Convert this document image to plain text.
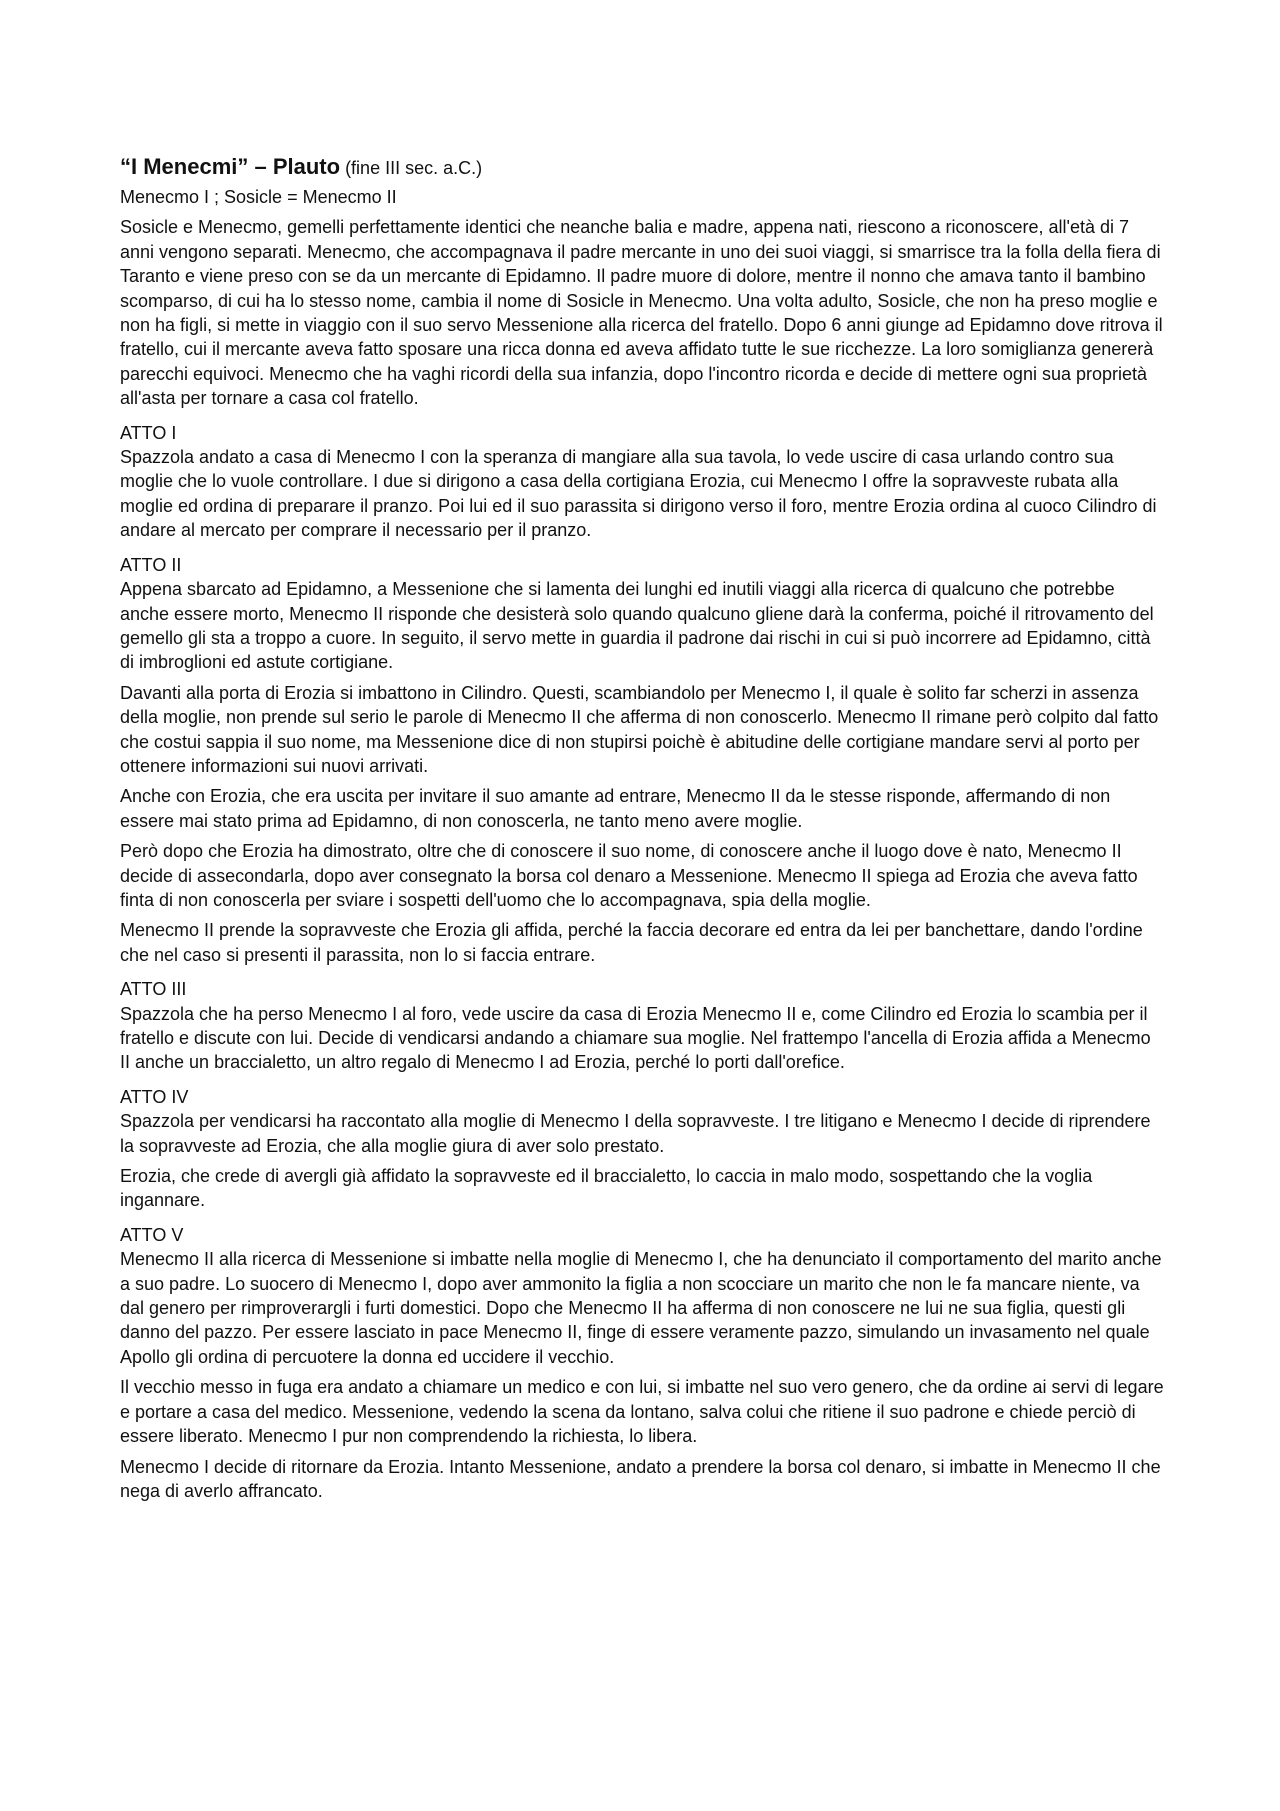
“I Menecmi” – Plauto (fine III sec. a.C.)

Menecmo I ; Sosicle = Menecmo II

Sosicle e Menecmo, gemelli perfettamente identici che neanche balia e madre, appena nati, riescono a riconoscere, all'età di 7 anni vengono separati. Menecmo, che accompagnava il padre mercante in uno dei suoi viaggi, si smarrisce tra la folla della fiera di Taranto e viene preso con se da un mercante di Epidamno. Il padre muore di dolore, mentre il nonno che amava tanto il bambino scomparso, di cui ha lo stesso nome, cambia il nome di Sosicle in Menecmo. Una volta adulto, Sosicle, che non ha preso moglie e non ha figli, si mette in viaggio con il suo servo Messenione alla ricerca del fratello. Dopo 6 anni giunge ad Epidamno dove ritrova il fratello, cui il mercante aveva fatto sposare una ricca donna ed aveva affidato tutte le sue ricchezze. La loro somiglianza genererà parecchi equivoci. Menecmo che ha vaghi ricordi della sua infanzia, dopo l'incontro ricorda e decide di mettere ogni sua proprietà all'asta per tornare a casa col fratello.

ATTO I

Spazzola andato a casa di Menecmo I con la speranza di mangiare alla sua tavola, lo vede uscire di casa urlando contro sua moglie che lo vuole controllare. I due si dirigono a casa della cortigiana Erozia, cui Menecmo I offre la sopravveste rubata alla moglie ed ordina di preparare il pranzo. Poi lui ed il suo parassita si dirigono verso il foro, mentre Erozia ordina al cuoco Cilindro di andare al mercato per comprare il necessario per il pranzo.

ATTO II

Appena sbarcato ad Epidamno, a Messenione che si lamenta dei lunghi ed inutili viaggi alla ricerca di qualcuno che potrebbe anche essere morto, Menecmo II risponde che desisterà solo quando qualcuno gliene darà la conferma, poiché il ritrovamento del gemello gli sta a troppo a cuore. In seguito, il servo mette in guardia il padrone dai rischi in cui si può incorrere ad Epidamno, città di imbroglioni ed astute cortigiane.

Davanti alla porta di Erozia si imbattono in Cilindro. Questi, scambiandolo per Menecmo I, il quale è solito far scherzi in assenza della moglie, non prende sul serio le parole di Menecmo II che afferma di non conoscerlo. Menecmo II rimane però colpito dal fatto che costui sappia il suo nome, ma Messenione dice di non stupirsi poichè è abitudine delle cortigiane mandare servi al porto per ottenere informazioni sui nuovi arrivati.

Anche con Erozia, che era uscita per invitare il suo amante ad entrare, Menecmo II da le stesse risponde, affermando di non essere mai stato prima ad Epidamno, di non conoscerla, ne tanto meno avere moglie.

Però dopo che Erozia ha dimostrato, oltre che di conoscere il suo nome, di conoscere anche il luogo dove è nato, Menecmo II decide di assecondarla, dopo aver consegnato la borsa col denaro a Messenione. Menecmo II spiega ad Erozia che aveva fatto finta di non conoscerla per sviare i sospetti dell'uomo che lo accompagnava, spia della moglie.

Menecmo II prende la sopravveste che Erozia gli affida, perché la faccia decorare ed entra da lei per banchettare, dando l'ordine che nel caso si presenti il parassita, non lo si faccia entrare.

ATTO III

Spazzola che ha perso Menecmo I al foro, vede uscire da casa di Erozia Menecmo II e, come Cilindro ed Erozia lo scambia per il fratello e discute con lui. Decide di vendicarsi andando a chiamare sua moglie. Nel frattempo l'ancella di Erozia affida a Menecmo II anche un braccialetto, un altro regalo di Menecmo I ad Erozia, perché lo porti dall'orefice.

ATTO IV

Spazzola per vendicarsi ha raccontato alla moglie di Menecmo I della sopravveste. I tre litigano e Menecmo I decide di riprendere la sopravveste ad Erozia, che alla moglie giura di aver solo prestato.

Erozia, che crede di avergli già affidato la sopravveste ed il braccialetto, lo caccia in malo modo, sospettando che la voglia ingannare.

ATTO V

Menecmo II alla ricerca di Messenione si imbatte nella moglie di Menecmo I, che ha denunciato il comportamento del marito anche a suo padre. Lo suocero di Menecmo I, dopo aver ammonito la figlia a non scocciare un marito che non le fa mancare niente, va dal genero per rimproverargli i furti domestici. Dopo che Menecmo II ha afferma di non conoscere ne lui ne sua figlia, questi gli danno del pazzo. Per essere lasciato in pace Menecmo II, finge di essere veramente pazzo, simulando un invasamento nel quale Apollo gli ordina di percuotere la donna ed uccidere il vecchio.

Il vecchio messo in fuga era andato a chiamare un medico e con lui, si imbatte nel suo vero genero, che da ordine ai servi di legare e portare a casa del medico. Messenione, vedendo la scena da lontano, salva colui che ritiene il suo padrone e chiede perciò di essere liberato. Menecmo I pur non comprendendo la richiesta, lo libera.

Menecmo I decide di ritornare da Erozia. Intanto Messenione, andato a prendere la borsa col denaro, si imbatte in Menecmo II che nega di averlo affrancato.
